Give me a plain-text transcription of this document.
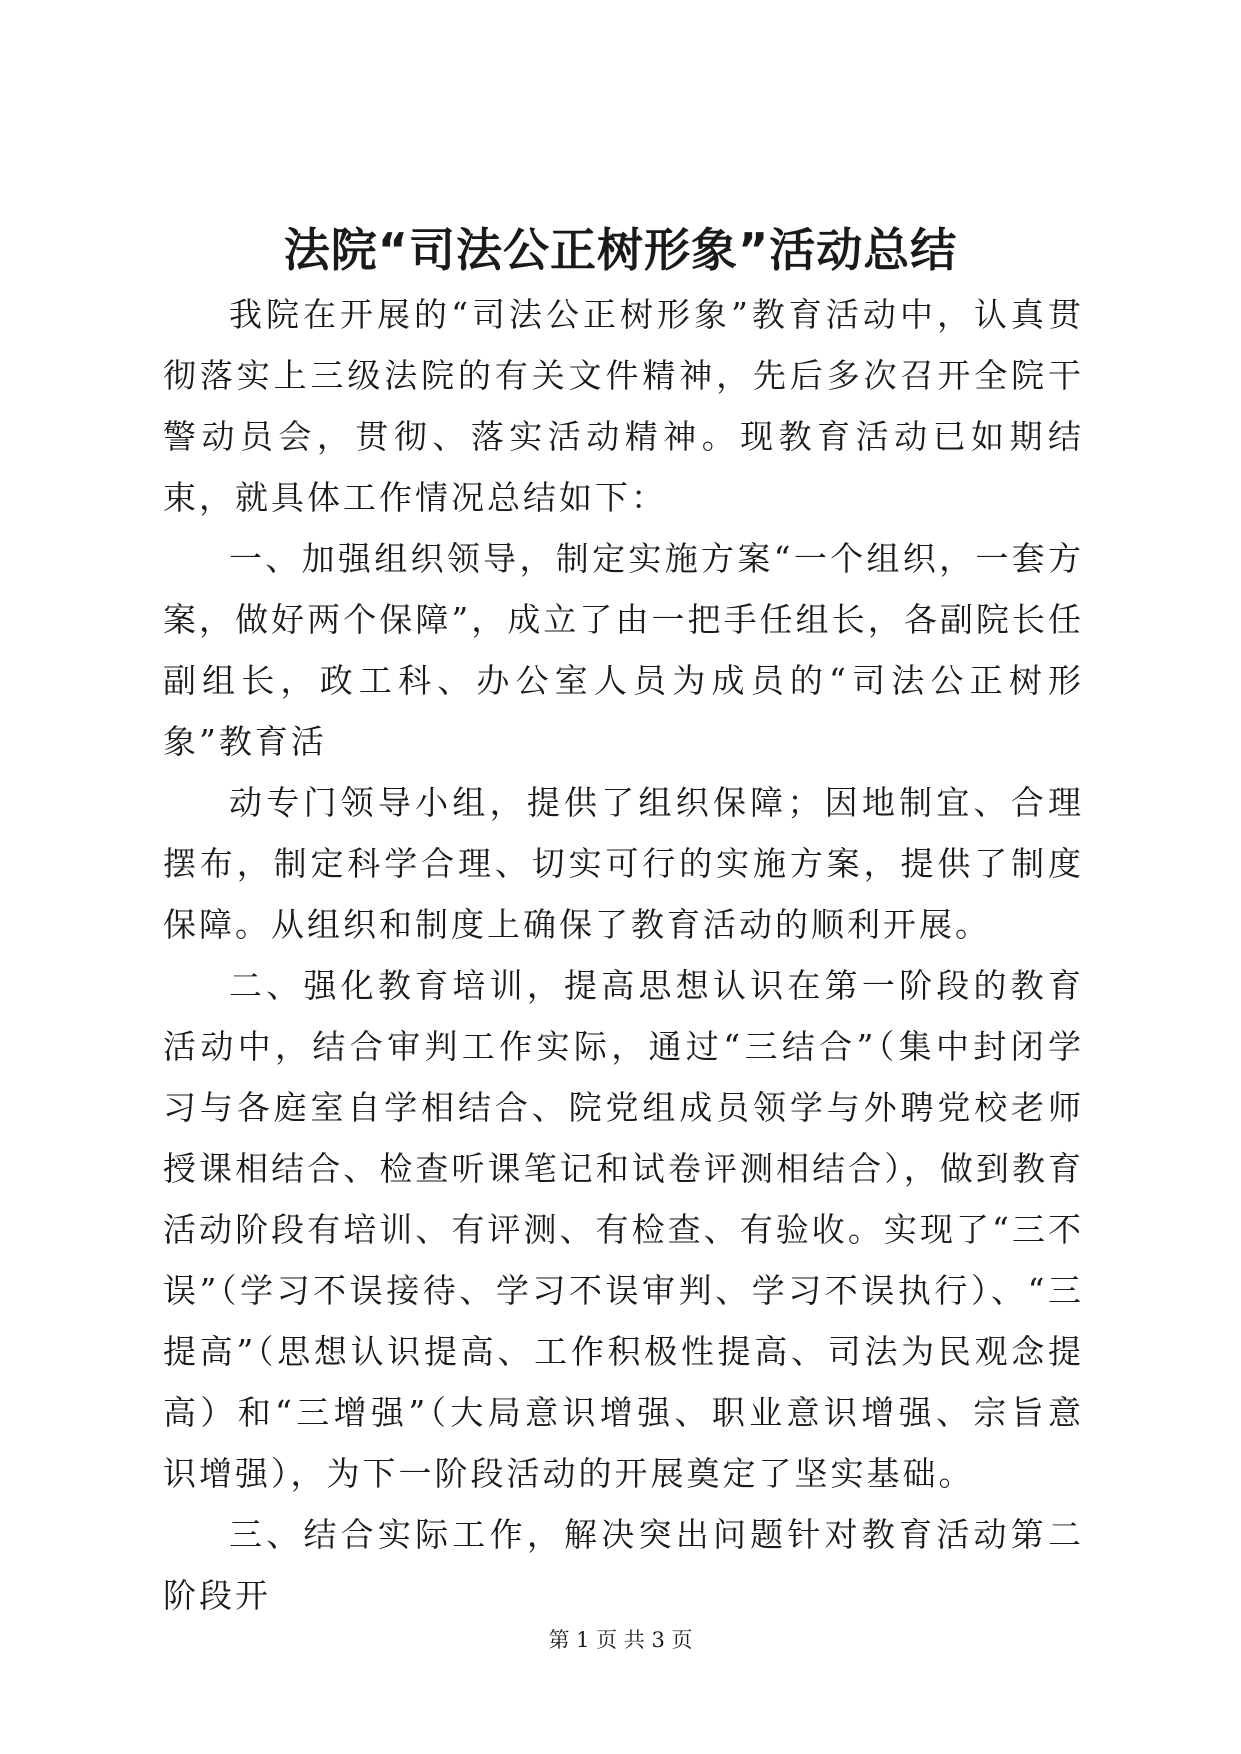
法院“司法公正树形象”活动总结

我院在开展的“司法公正树形象”教育活动中，认真贯彻落实上三级法院的有关文件精神，先后多次召开全院干警动员会，贯彻、落实活动精神。现教育活动已如期结束，就具体工作情况总结如下：

一、加强组织领导，制定实施方案“一个组织，一套方案，做好两个保障”，成立了由一把手任组长，各副院长任副组长，政工科、办公室人员为成员的“司法公正树形象”教育活

动专门领导小组，提供了组织保障；因地制宜、合理摆布，制定科学合理、切实可行的实施方案，提供了制度保障。从组织和制度上确保了教育活动的顺利开展。

二、强化教育培训，提高思想认识在第一阶段的教育活动中，结合审判工作实际，通过“三结合”（集中封闭学习与各庭室自学相结合、院党组成员领学与外聘党校老师授课相结合、检查听课笔记和试卷评测相结合），做到教育活动阶段有培训、有评测、有检查、有验收。实现了“三不误”（学习不误接待、学习不误审判、学习不误执行）、“三提高”（思想认识提高、工作积极性提高、司法为民观念提高）和“三增强”（大局意识增强、职业意识增强、宗旨意识增强），为下一阶段活动的开展奠定了坚实基础。

三、结合实际工作，解决突出问题针对教育活动第二阶段开

第 1 页 共 3 页
